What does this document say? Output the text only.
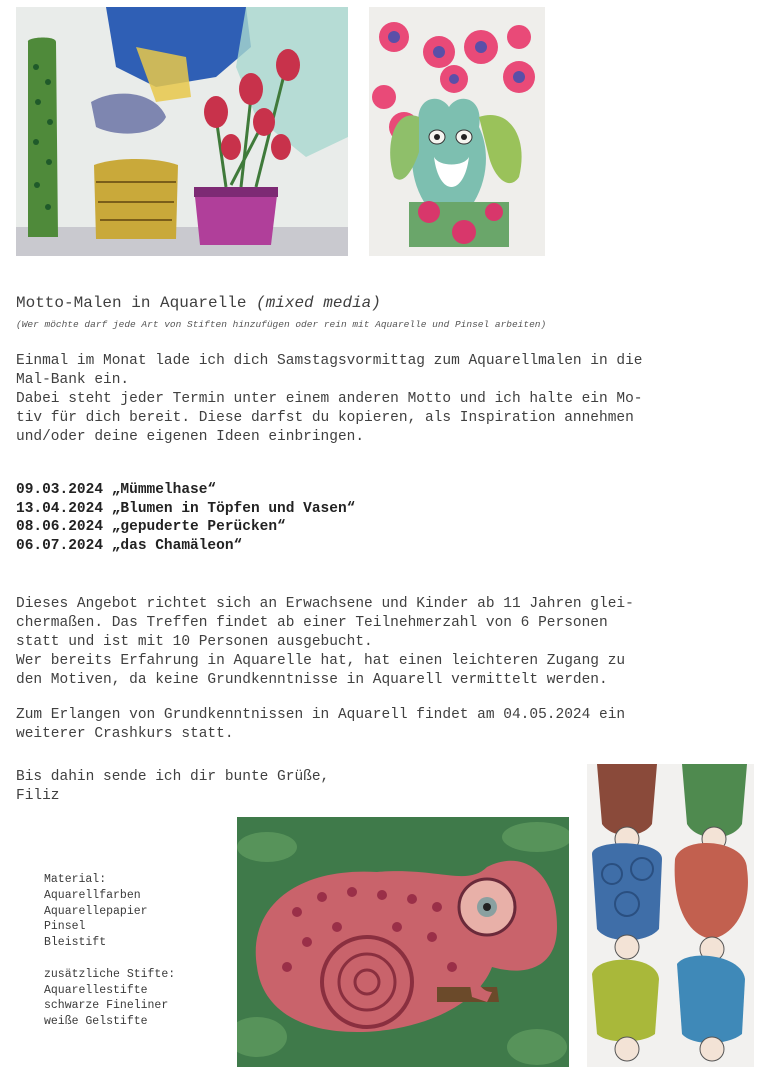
Motto-Malen in Aquarelle (mixed media)
(Wer möchte darf jede Art von Stiften hinzufügen oder rein mit Aquarelle und Pinsel arbeiten)
Einmal im Monat lade ich dich Samstagsvormittag zum Aquarellmalen in die
Mal-Bank ein.
Dabei steht jeder Termin unter einem anderen Motto und ich halte ein Mo-
tiv für dich bereit. Diese darfst du kopieren, als Inspiration annehmen
und/oder deine eigenen Ideen einbringen.
09.03.2024 „Mümmelhase“
13.04.2024 „Blumen in Töpfen und Vasen“
08.06.2024 „gepuderte Perücken“
06.07.2024 „das Chamäleon“
Dieses Angebot richtet sich an Erwachsene und Kinder ab 11 Jahren glei-
chermaßen. Das Treffen findet ab einer Teilnehmerzahl von 6 Personen
statt und ist mit 10 Personen ausgebucht.
Wer bereits Erfahrung in Aquarelle hat, hat einen leichteren Zugang zu
den Motiven, da keine Grundkenntnisse in Aquarell vermittelt werden.
Zum Erlangen von Grundkenntnissen in Aquarell findet am 04.05.2024 ein
weiterer Crashkurs statt.
Bis dahin sende ich dir bunte Grüße,
Filiz
Material:
Aquarellfarben
Aquarellepapier
Pinsel
Bleistift

zusätzliche Stifte:
Aquarellestifte
schwarze Fineliner
weiße Gelstifte
